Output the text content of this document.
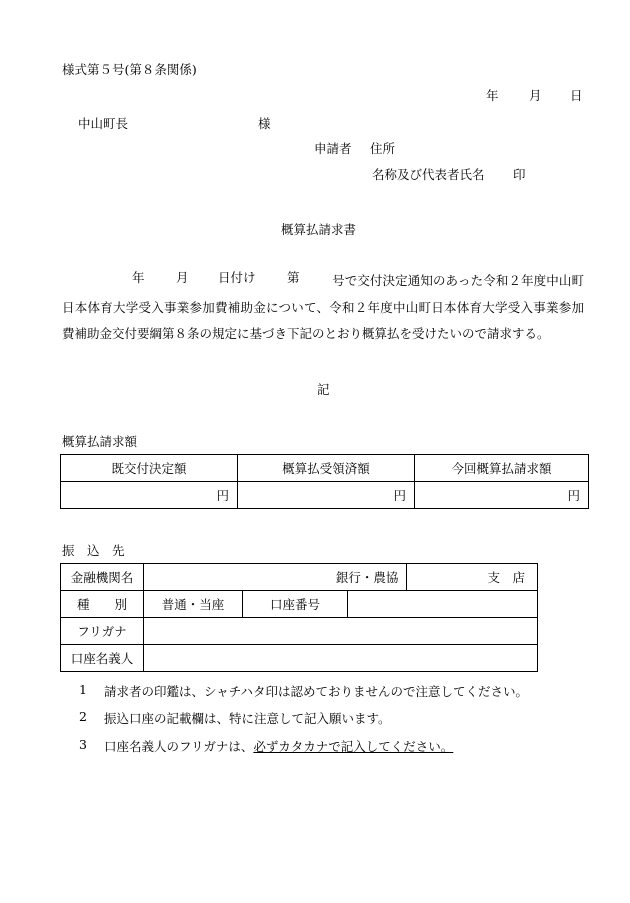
様式第５号(第８条関係)
年 月 日
中山町長	様
申請者 住所
名称及び代表者氏名 印
概算払請求書
年	月 日付け	第	号で交付決定通知のあった令和２年度中山町日本体育大学受入事業参加費補助金について、令和２年度中山町日本体育大学受入事業参加費補助金交付要綱第８条の規定に基づき下記のとおり概算払を受けたいので請求する。
記
概算払請求額
既交付決定額	概算払受領済額	今回概算払請求額
円	円	円
振　込　先
金融機関名	銀行・農協			支　店
種　　別	普通・当座	口座番号		
フリガナ				
口座名義人				
1 請求者の印鑑は、シャチハタ印は認めておりませんので注意してください。
2 振込口座の記載欄は、特に注意して記入願います。
3 口座名義人のフリガナは、必ずカタカナで記入してください。
